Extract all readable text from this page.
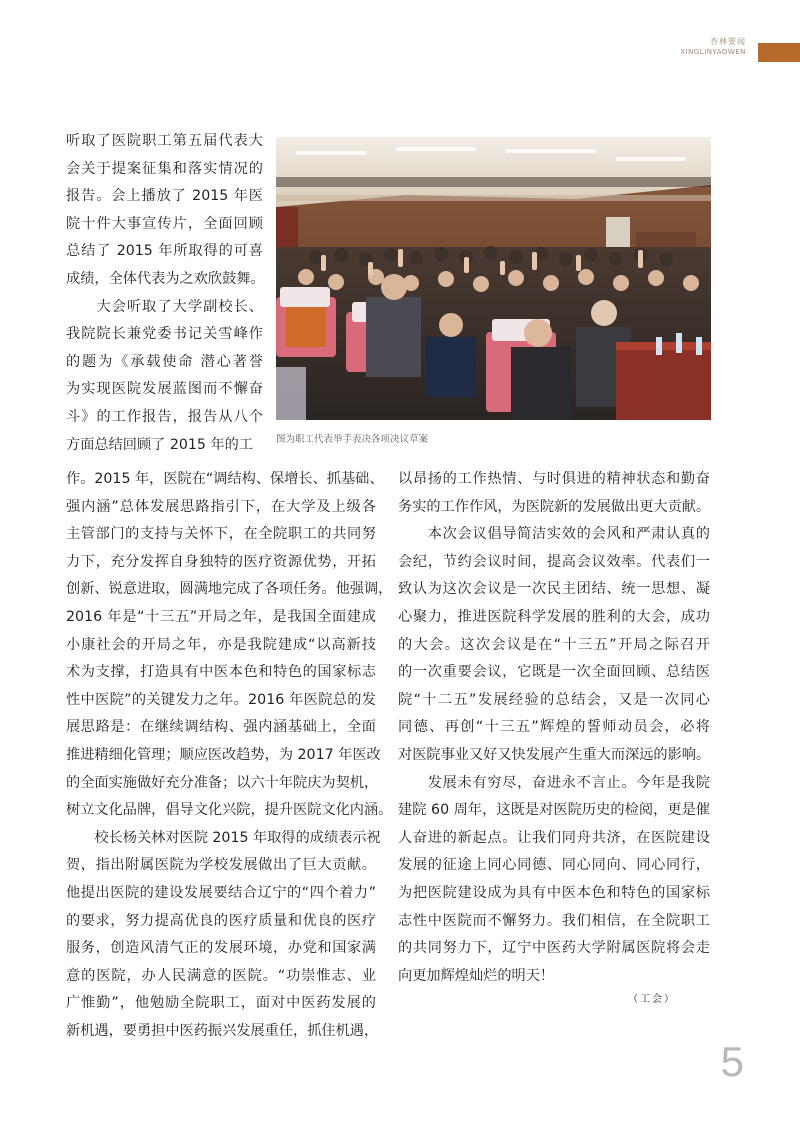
杏林要闻
XINGLINYAOWEN
听取了医院职工第五届代表大
会关于提案征集和落实情况的
报告。会上播放了 2015 年医
院十件大事宣传片，全面回顾
总结了 2015 年所取得的可喜
成绩，全体代表为之欢欣鼓舞。
　　大会听取了大学副校长、
我院院长兼党委书记关雪峰作
的题为《承载使命 潜心著誉
为实现医院发展蓝图而不懈奋
斗》的工作报告，报告从八个
方面总结回顾了 2015 年的工	图为职工代表举手表决各项决议草案
作。2015 年，医院在“调结构、保增长、抓基础、
强内涵”总体发展思路指引下，在大学及上级各
主管部门的支持与关怀下，在全院职工的共同努
力下，充分发挥自身独特的医疗资源优势，开拓
创新、锐意进取，圆满地完成了各项任务。他强调，
2016 年是“十三五”开局之年，是我国全面建成
小康社会的开局之年，亦是我院建成“以高新技
术为支撑，打造具有中医本色和特色的国家标志
性中医院”的关键发力之年。2016 年医院总的发
展思路是：在继续调结构、强内涵基础上，全面
推进精细化管理；顺应医改趋势，为 2017 年医改
的全面实施做好充分准备；以六十年院庆为契机，
树立文化品牌，倡导文化兴院，提升医院文化内涵。
　　校长杨关林对医院 2015 年取得的成绩表示祝
贺，指出附属医院为学校发展做出了巨大贡献。
他提出医院的建设发展要结合辽宁的“四个着力”
的要求，努力提高优良的医疗质量和优良的医疗
服务，创造风清气正的发展环境，办党和国家满
意的医院，办人民满意的医院。“功崇惟志、业
广惟勤”，他勉励全院职工，面对中医药发展的
新机遇，要勇担中医药振兴发展重任，抓住机遇，
以昂扬的工作热情、与时俱进的精神状态和勤奋
务实的工作作风，为医院新的发展做出更大贡献。
　　本次会议倡导简洁实效的会风和严肃认真的
会纪，节约会议时间，提高会议效率。代表们一
致认为这次会议是一次民主团结、统一思想、凝
心聚力，推进医院科学发展的胜利的大会，成功
的大会。这次会议是在“十三五”开局之际召开
的一次重要会议，它既是一次全面回顾、总结医
院“十二五”发展经验的总结会，又是一次同心
同德、再创“十三五”辉煌的誓师动员会，必将
对医院事业又好又快发展产生重大而深远的影响。
　　发展未有穷尽，奋进永不言止。今年是我院
建院 60 周年，这既是对医院历史的检阅，更是催
人奋进的新起点。让我们同舟共济，在医院建设
发展的征途上同心同德、同心同向、同心同行，
为把医院建设成为具有中医本色和特色的国家标
志性中医院而不懈努力。我们相信，在全院职工
的共同努力下，辽宁中医药大学附属医院将会走
向更加辉煌灿烂的明天！
（工会）
5
